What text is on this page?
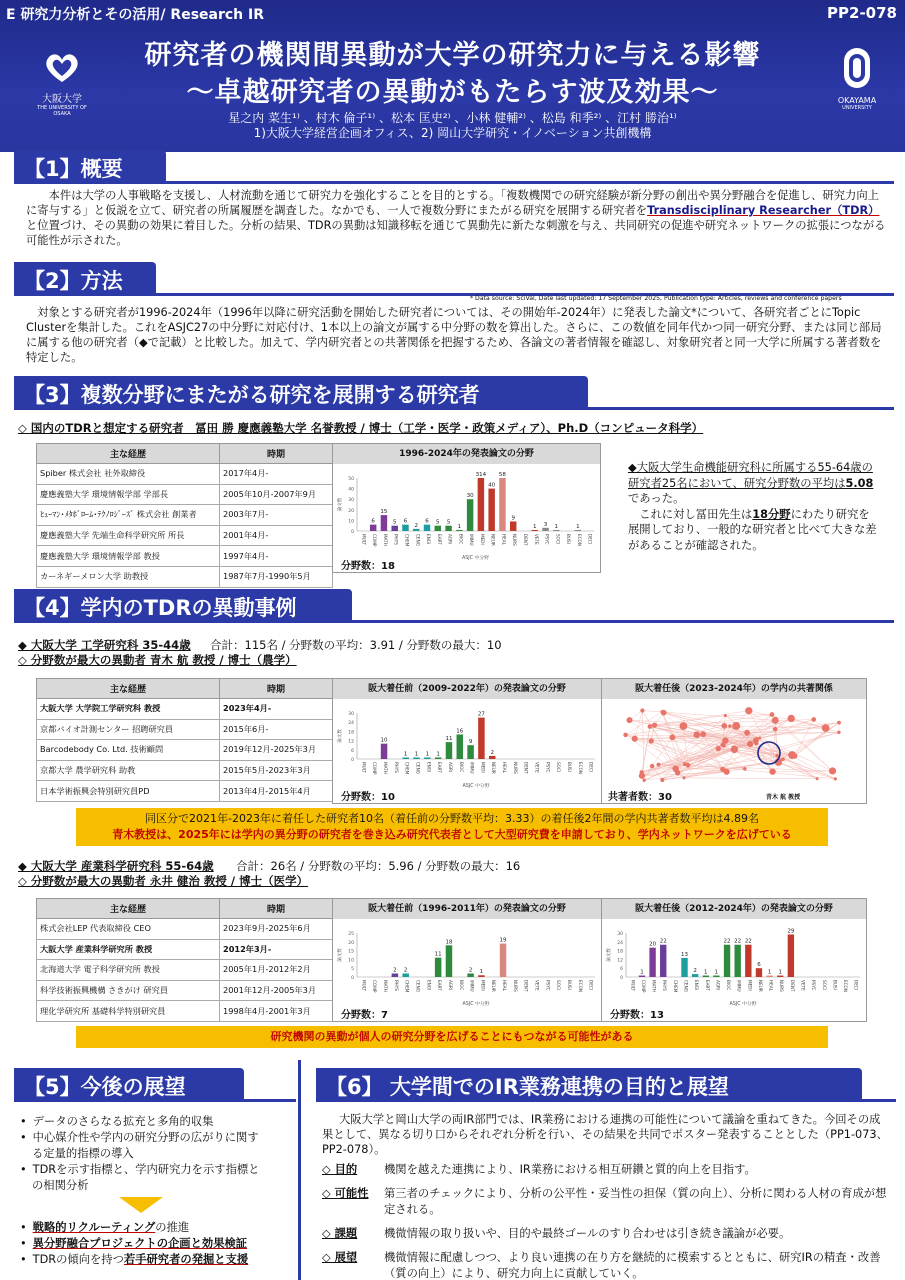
E 研究力分析とその活用/ Research IR	PP2-078
大阪大学
THE UNIVERSITY OF OSAKA
研究者の機関間異動が大学の研究力に与える影響
〜卓越研究者の異動がもたらす波及効果〜
星之内 菜生¹⁾ 、村木 倫子¹⁾ 、松本 匡史²⁾ 、小林 健輔²⁾ 、松島 和季²⁾ 、江村 勝治¹⁾
1)大阪大学経営企画オフィス、2) 岡山大学研究・イノベーション共創機構
OKAYAMA
UNIVERSITY
【1】概要
本件は大学の人事戦略を支援し、人材流動を通じて研究力を強化することを目的とする。「複数機関での研究経験が新分野の創出や異分野融合を促進し、研究力向上に寄与する」と仮説を立て、研究者の所属履歴を調査した。なかでも、一人で複数分野にまたがる研究を展開する研究者をTransdisciplinary Researcher（TDR）と位置づけ、その異動の効果に着目した。分析の結果、TDRの異動は知識移転を通じて異動先に新たな刺激を与え、共同研究の促進や研究ネットワークの拡張につながる可能性が示された。
【2】方法
* Data source: SciVal, Date last updated: 17 September 2025, Publication type: Articles, reviews and conference papers
対象とする研究者が1996-2024年（1996年以降に研究活動を開始した研究者については、その開始年-2024年）に発表した論文*について、各研究者ごとにTopic Clusterを集計した。これをASJC27の中分野に対応付け、1本以上の論文が属する中分野の数を算出した。さらに、この数値を同年代かつ同一研究分野、または同じ部局に属する他の研究者（◆で記載）と比較した。加えて、学内研究者との共著関係を把握するため、各論文の著者情報を確認し、対象研究者と同一大学に所属する著者数を特定した。
【3】複数分野にまたがる研究を展開する研究者
◇ 国内のTDRと想定する研究者　冨田 勝 慶應義塾大学 名誉教授 / 博士（工学・医学・政策メディア）、Ph.D（コンピュータ科学）
主な経歴	時期
Spiber 株式会社 社外取締役	2017年4月-
慶應義塾大学 環境情報学部 学部長	2005年10月-2007年9月
ﾋｭｰﾏﾝ･ﾒﾀﾎﾞﾛｰﾑ･ﾃｸﾉﾛｼﾞｰｽﾞ 株式会社 創業者	2003年7月-
慶應義塾大学 先端生命科学研究所 所長	2001年4月-
慶應義塾大学 環境情報学部 教授	1997年4月-
カーネギーメロン大学 助教授	1987年7月-1990年5月
1996-2024年の発表論文の分野
0
10
20
30
40
50
論文数
MULT
6
COMP
15
MATH
5
PHYS
6
CHEM
2
CENG
6
ENGI
5
EART
5
AGRI
1
BIOC
30
IMMU
314
MEDI
40
NEUR
58
HEAL
9
NURS DENT
1
VETE
3
PSYC
1
SOCI BUSI
1
ECON DECI
ASJC 中分野
分野数：18
◆大阪大学生命機能研究科に所属する55-64歳の研究者25名において、研究分野数の平均は5.08であった。
これに対し冨田先生は18分野にわたり研究を展開しており、一般的な研究者と比べて大きな差があることが確認された。
【4】学内のTDRの異動事例
◆ 大阪大学 工学研究科 35-44歳 合計：115名 / 分野数の平均：3.91 / 分野数の最大：10
◇ 分野数が最大の異動者 青木 航 教授 / 博士（農学）
主な経歴	時期
大阪大学 大学院工学研究科 教授	2023年4月-
京都バイオ計測センター 招聘研究員	2015年6月-
Barcodebody Co. Ltd. 技術顧問	2019年12月-2025年3月
京都大学 農学研究科 助教	2015年5月-2023年3月
日本学術振興会特別研究員PD	2013年4月-2015年4月
阪大着任前（2009-2022年）の発表論文の分野
0
6
12
18
24
30
論文数
MULT COMP
10
MATH PHYS
1
CHEM
1
CENG
1
ENGI
1
EART
11
AGRI
16
BIOC
9
IMMU
27
MEDI
2
NEUR HEAL NURS DENT VETE PSYC SOCI BUSI ECON DECI
ASJC 中分野
分野数：10
阪大着任後（2023-2024年）の学内の共著関係
共著者数：30	青木 航 教授
同区分で2021年-2023年に着任した研究者10名（着任前の分野数平均：3.33）の着任後2年間の学内共著者数平均は4.89名
青木教授は、2025年には学内の異分野の研究者を巻き込み研究代表者として大型研究費を申請しており、学内ネットワークを広げている
◆ 大阪大学 産業科学研究科 55-64歳 合計：26名 / 分野数の平均：5.96 / 分野数の最大：16
◇ 分野数が最大の異動者 永井 健治 教授 / 博士（医学）
主な経歴	時期
株式会社LEP 代表取締役 CEO	2023年9月-2025年6月
大阪大学 産業科学研究所 教授	2012年3月-
北海道大学 電子科学研究所 教授	2005年1月-2012年2月
科学技術振興機構 さきがけ 研究員	2001年12月-2005年3月
理化学研究所 基礎科学特別研究員	1998年4月-2001年3月
阪大着任前（1996-2011年）の発表論文の分野
0
5
10
15
20
25
論文数
MULT COMP MATH
2
PHYS
2
CHEM CENG ENGI
11
EART
18
AGRI BIOC
2
IMMU
1
MEDI NEUR
19
HEAL NURS DENT VETE PSYC SOCI BUSI ECON DECI
ASJC 中分野
分野数：7
阪大着任後（2012-2024年）の発表論文の分野
0
6
12
18
24
30
論文数
MULT
1
COMP
20
MATH
22
PHYS CHEM
13
CENG
2
ENGI
1
EART
1
AGRI
22
BIOC
22
IMMU
22
MEDI
6
NEUR
1
HEAL
1
NURS
29
DENT VETE PSYC SOCI BUSI ECON DECI
ASJC 中分野
分野数：13
研究機関の異動が個人の研究分野を広げることにもつながる可能性がある
【5】今後の展望
• データのさらなる拡充と多角的収集
• 中心媒介性や学内の研究分野の広がりに関する定量的指標の導入
• TDRを示す指標と、学内研究力を示す指標との相関分析
• 戦略的リクルーティングの推進
• 異分野融合プロジェクトの企画と効果検証
• TDRの傾向を持つ若手研究者の発掘と支援
【6】 大学間でのIR業務連携の目的と展望
大阪大学と岡山大学の両IR部門では、IR業務における連携の可能性について議論を重ねてきた。今回その成果として、異なる切り口からそれぞれ分析を行い、その結果を共同でポスター発表することとした（PP1-073、PP2-078）。
◇ 目的	機関を越えた連携により、IR業務における相互研鑽と質的向上を目指す。
◇ 可能性	第三者のチェックにより、分析の公平性・妥当性の担保（質の向上）、分析に関わる人材の育成が想定される。
◇ 課題	機微情報の取り扱いや、目的や最終ゴールのすり合わせは引き続き議論が必要。
◇ 展望	機微情報に配慮しつつ、より良い連携の在り方を継続的に模索するとともに、研究IRの精査・改善（質の向上）により、研究力向上に貢献していく。
